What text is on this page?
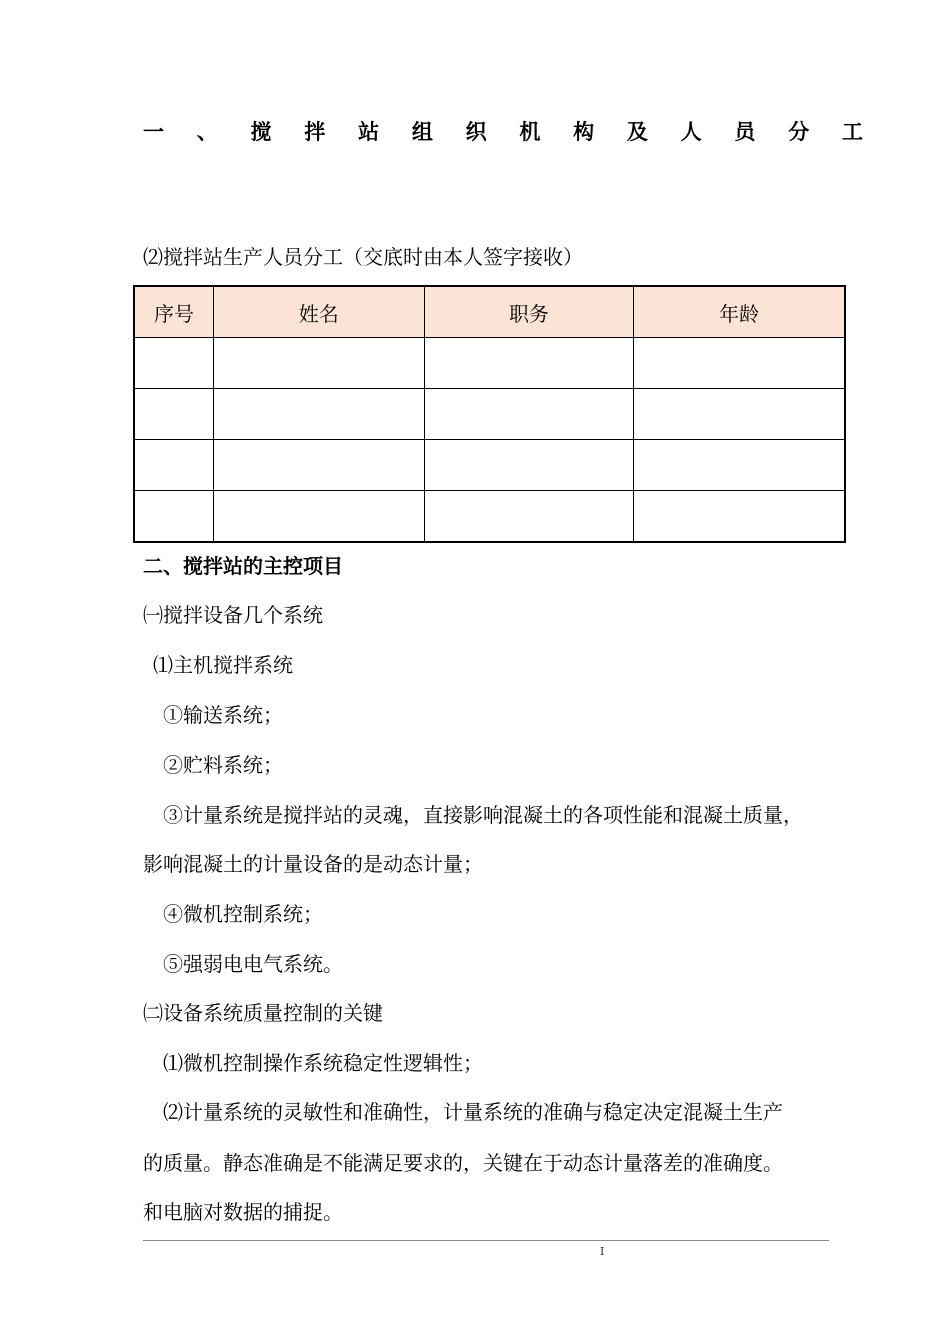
一 、 搅 拌 站 组 织 机 构 及 人 员 分 工
⑵搅拌站生产人员分工（交底时由本人签字接收）
序号	姓名	职务	年龄

二、搅拌站的主控项目
㈠搅拌设备几个系统
⑴主机搅拌系统
①输送系统；
②贮料系统；
③计量系统是搅拌站的灵魂，直接影响混凝土的各项性能和混凝土质量，
影响混凝土的计量设备的是动态计量；
④微机控制系统；
⑤强弱电电气系统。
㈡设备系统质量控制的关键
⑴微机控制操作系统稳定性逻辑性；
⑵计量系统的灵敏性和准确性，计量系统的准确与稳定决定混凝土生产
的质量。静态准确是不能满足要求的，关键在于动态计量落差的准确度。
和电脑对数据的捕捉。
I
